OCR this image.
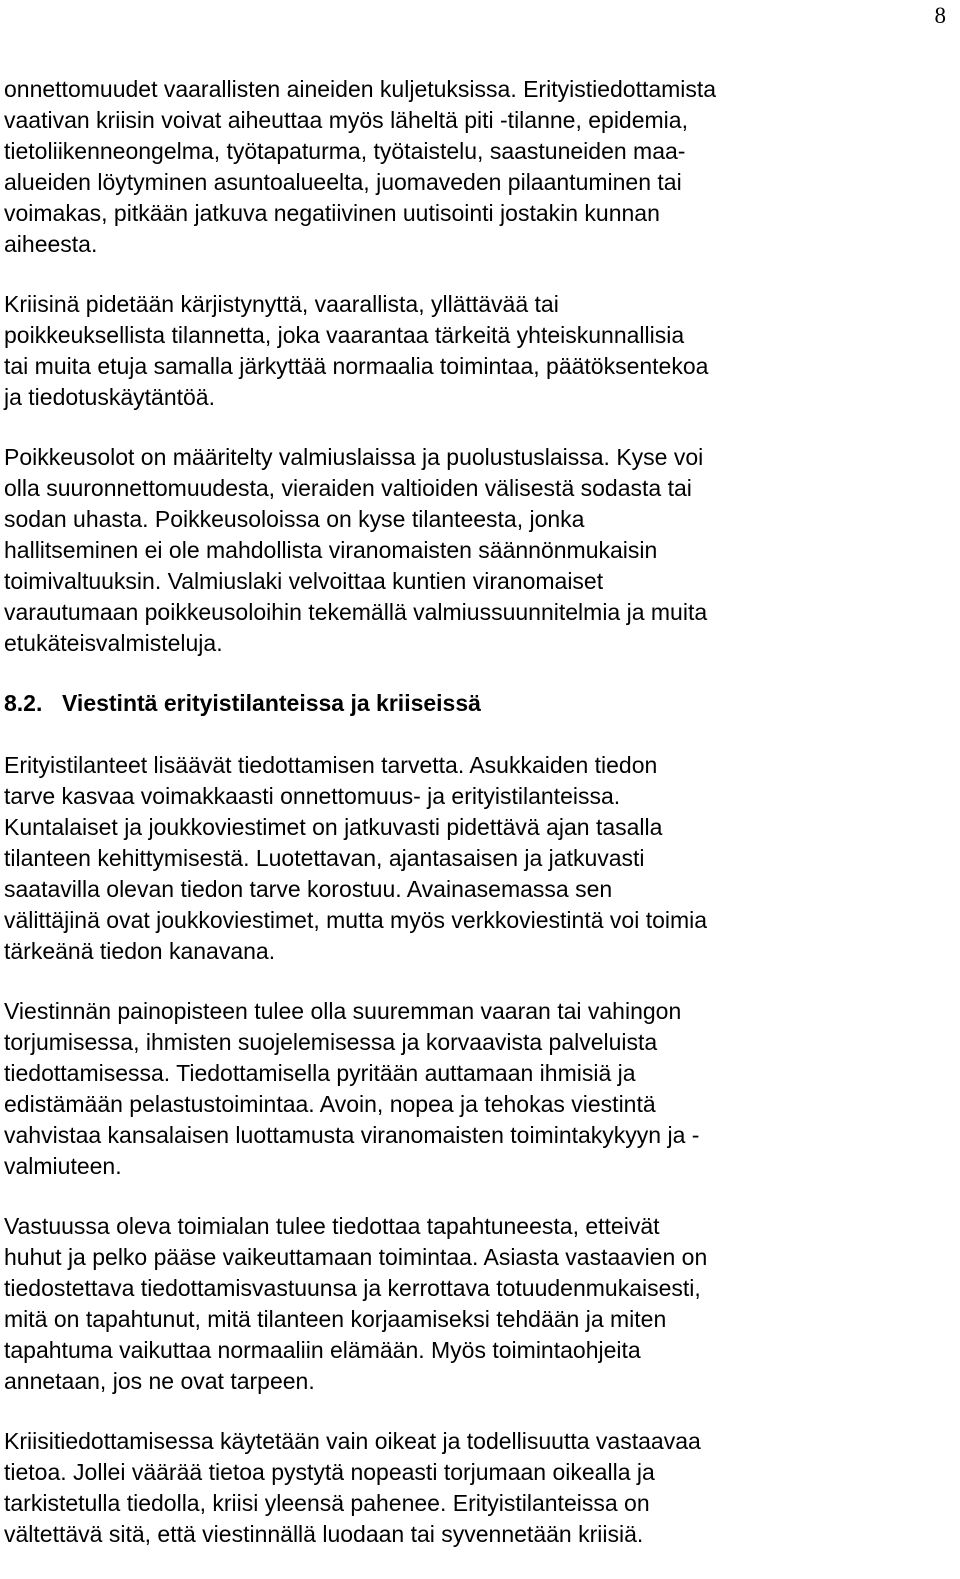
8

onnettomuudet vaarallisten aineiden kuljetuksissa. Erityistiedottamista
vaativan kriisin voivat aiheuttaa myös läheltä piti -tilanne, epidemia,
tietoliikenneongelma, työtapaturma, työtaistelu, saastuneiden maa-
alueiden löytyminen asuntoalueelta, juomaveden pilaantuminen tai
voimakas, pitkään jatkuva negatiivinen uutisointi jostakin kunnan
aiheesta.

Kriisinä pidetään kärjistynyttä, vaarallista, yllättävää tai
poikkeuksellista tilannetta, joka vaarantaa tärkeitä yhteiskunnallisia
tai muita etuja samalla järkyttää normaalia toimintaa, päätöksentekoa
ja tiedotuskäytäntöä.

Poikkeusolot on määritelty valmiuslaissa ja puolustuslaissa. Kyse voi
olla suuronnettomuudesta, vieraiden valtioiden välisestä sodasta tai
sodan uhasta. Poikkeusoloissa on kyse tilanteesta, jonka
hallitseminen ei ole mahdollista viranomaisten säännönmukaisin
toimivaltuuksin. Valmiuslaki velvoittaa kuntien viranomaiset
varautumaan poikkeusoloihin tekemällä valmiussuunnitelmia ja muita
etukäteisvalmisteluja.

8.2. Viestintä erityistilanteissa ja kriiseissä

Erityistilanteet lisäävät tiedottamisen tarvetta. Asukkaiden tiedon
tarve kasvaa voimakkaasti onnettomuus- ja erityistilanteissa.
Kuntalaiset ja joukkoviestimet on jatkuvasti pidettävä ajan tasalla
tilanteen kehittymisestä. Luotettavan, ajantasaisen ja jatkuvasti
saatavilla olevan tiedon tarve korostuu. Avainasemassa sen
välittäjinä ovat joukkoviestimet, mutta myös verkkoviestintä voi toimia
tärkeänä tiedon kanavana.

Viestinnän painopisteen tulee olla suuremman vaaran tai vahingon
torjumisessa, ihmisten suojelemisessa ja korvaavista palveluista
tiedottamisessa. Tiedottamisella pyritään auttamaan ihmisiä ja
edistämään pelastustoimintaa. Avoin, nopea ja tehokas viestintä
vahvistaa kansalaisen luottamusta viranomaisten toimintakykyyn ja -
valmiuteen.

Vastuussa oleva toimialan tulee tiedottaa tapahtuneesta, etteivät
huhut ja pelko pääse vaikeuttamaan toimintaa. Asiasta vastaavien on
tiedostettava tiedottamisvastuunsa ja kerrottava totuudenmukaisesti,
mitä on tapahtunut, mitä tilanteen korjaamiseksi tehdään ja miten
tapahtuma vaikuttaa normaaliin elämään. Myös toimintaohjeita
annetaan, jos ne ovat tarpeen.

Kriisitiedottamisessa käytetään vain oikeat ja todellisuutta vastaavaa
tietoa. Jollei väärää tietoa pystytä nopeasti torjumaan oikealla ja
tarkistetulla tiedolla, kriisi yleensä pahenee. Erityistilanteissa on
vältettävä sitä, että viestinnällä luodaan tai syvennetään kriisiä.
